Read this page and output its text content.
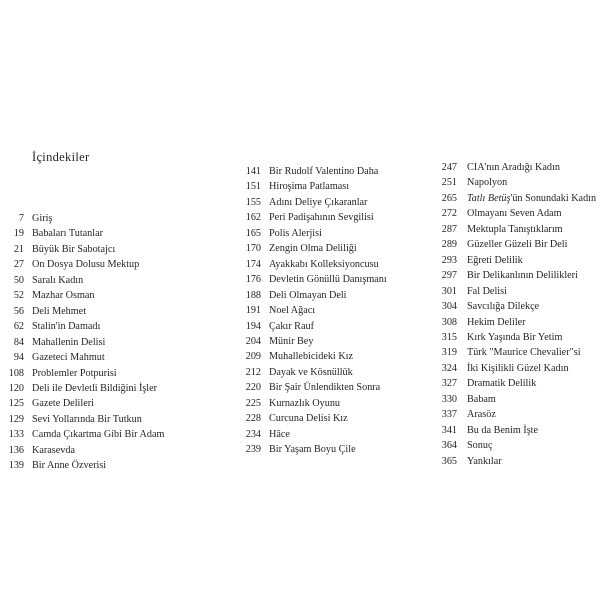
İçindekiler
7 Giriş
19 Babaları Tutanlar
21 Büyük Bir Sabotajcı
27 On Dosya Dolusu Mektup
50 Saralı Kadın
52 Mazhar Osman
56 Deli Mehmet
62 Stalin'in Damadı
84 Mahallenin Delisi
94 Gazeteci Mahmut
108 Problemler Potpurisi
120 Deli ile Devletli Bildiğini İşler
125 Gazete Delileri
129 Sevi Yollarında Bir Tutkun
133 Camda Çıkartma Gibi Bir Adam
136 Karasevda
139 Bir Anne Özverisi
141 Bir Rudolf Valentino Daha
151 Hiroşima Patlaması
155 Adını Deliye Çıkaranlar
162 Peri Padişahının Sevgilisi
165 Polis Alerjisi
170 Zengin Olma Deliliği
174 Ayakkabı Kolleksiyoncusu
176 Devletin Gönüllü Danışmanı
188 Deli Olmayan Deli
191 Noel Ağacı
194 Çakır Rauf
204 Münir Bey
209 Muhallebicideki Kız
212 Dayak ve Kösnüllük
220 Bir Şair Ünlendikten Sonra
225 Kurnazlık Oyunu
228 Curcuna Delisi Kız
234 Hâce
239 Bir Yaşam Boyu Çile
247 CIA'nın Aradığı Kadın
251 Napolyon
265 Tatlı Betüş'ün Sonundaki Kadın
272 Olmayanı Seven Adam
287 Mektupla Tanıştıklarım
289 Güzeller Güzeli Bir Deli
293 Eğreti Delilik
297 Bir Delikanlının Delilikleri
301 Fal Delisi
304 Savcılığa Dilekçe
308 Hekim Deliler
315 Kırk Yaşında Bir Yetim
319 Türk "Maurice Chevalier"si
324 İki Kişilikli Güzel Kadın
327 Dramatik Delilik
330 Babam
337 Arasöz
341 Bu da Benim İşte
364 Sonuç
365 Yankılar
